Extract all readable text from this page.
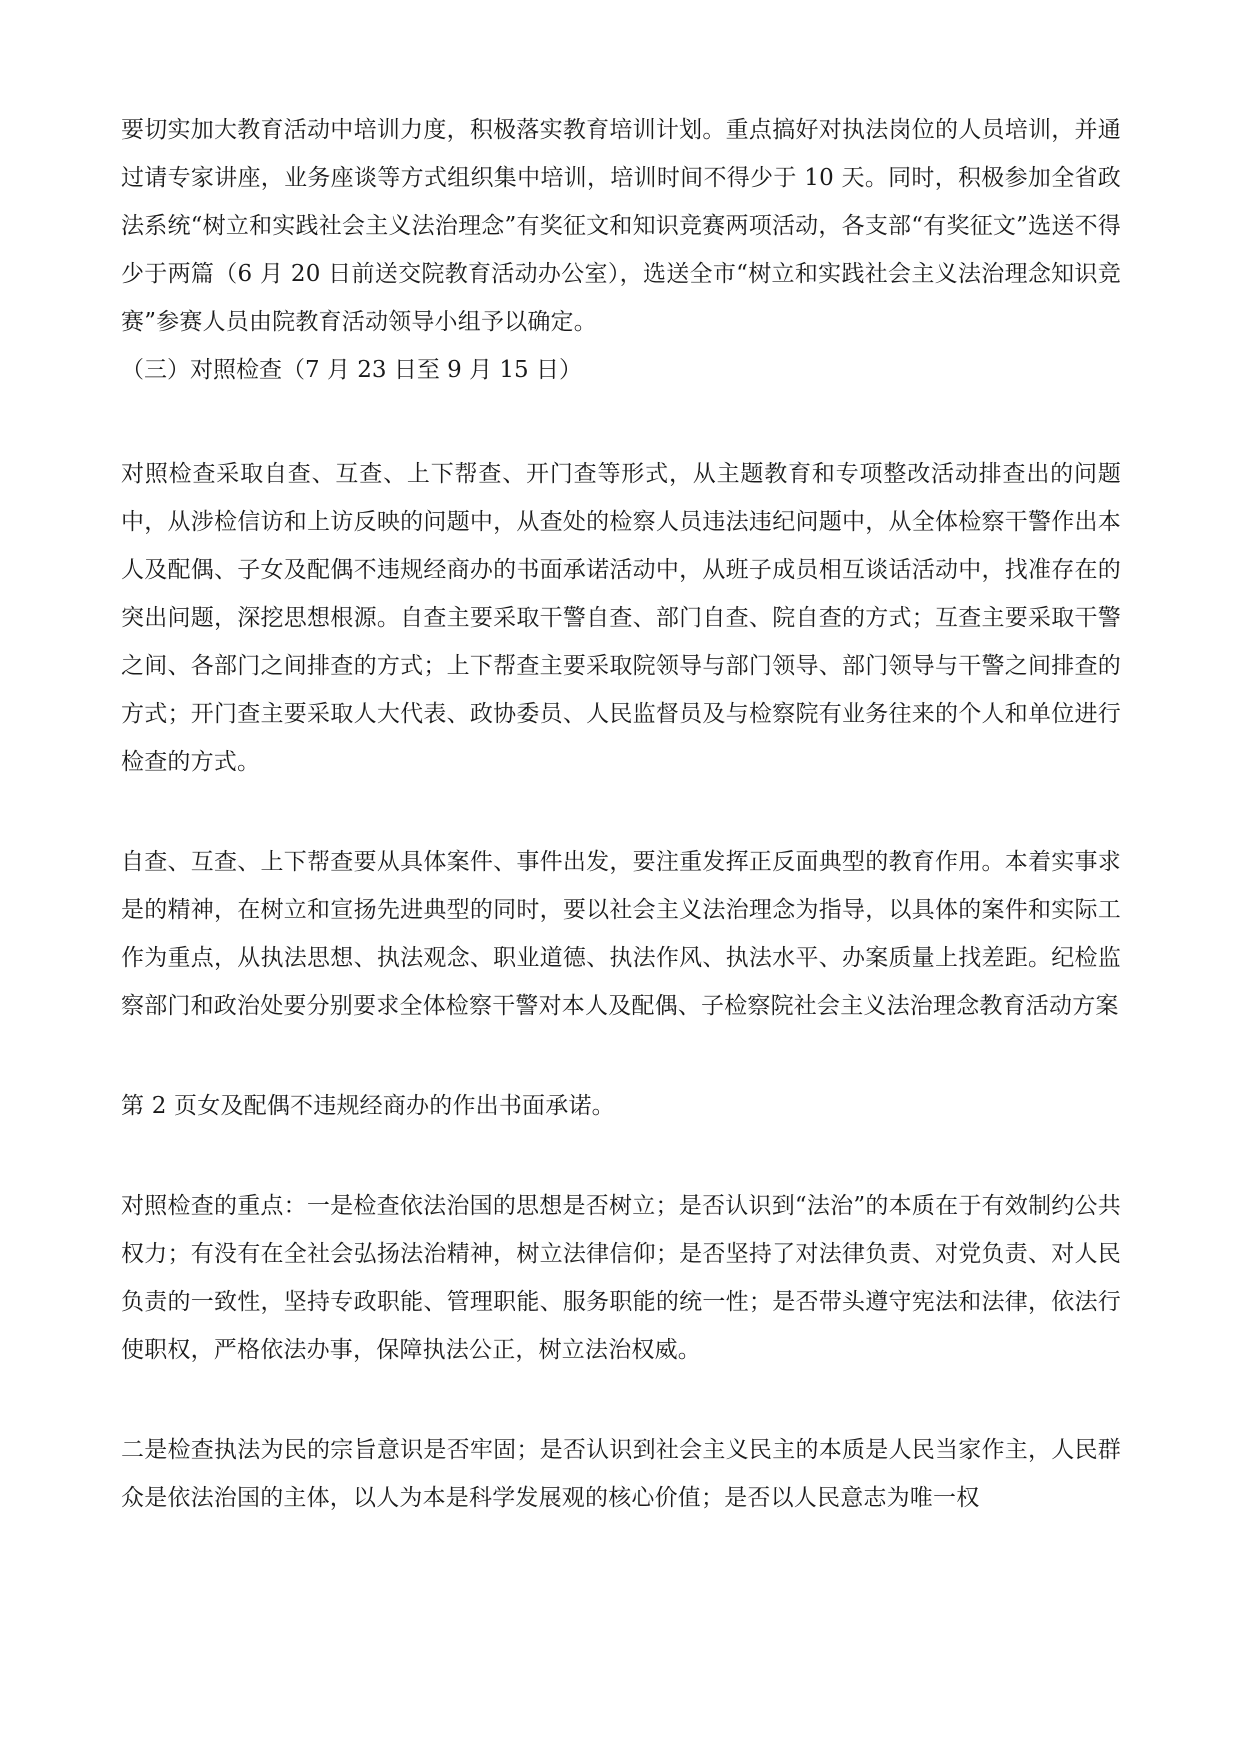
要切实加大教育活动中培训力度，积极落实教育培训计划。重点搞好对执法岗位的人员培训，并通过请专家讲座，业务座谈等方式组织集中培训，培训时间不得少于 10 天。同时，积极参加全省政法系统“树立和实践社会主义法治理念”有奖征文和知识竞赛两项活动，各支部“有奖征文”选送不得少于两篇（6 月 20 日前送交院教育活动办公室），选送全市“树立和实践社会主义法治理念知识竞赛”参赛人员由院教育活动领导小组予以确定。

（三）对照检查（7 月 23 日至 9 月 15 日）

对照检查采取自查、互查、上下帮查、开门查等形式，从主题教育和专项整改活动排查出的问题中，从涉检信访和上访反映的问题中，从查处的检察人员违法违纪问题中，从全体检察干警作出本人及配偶、子女及配偶不违规经商办的书面承诺活动中，从班子成员相互谈话活动中，找准存在的突出问题，深挖思想根源。自查主要采取干警自查、部门自查、院自查的方式；互查主要采取干警之间、各部门之间排查的方式；上下帮查主要采取院领导与部门领导、部门领导与干警之间排查的方式；开门查主要采取人大代表、政协委员、人民监督员及与检察院有业务往来的个人和单位进行检查的方式。

自查、互查、上下帮查要从具体案件、事件出发，要注重发挥正反面典型的教育作用。本着实事求是的精神，在树立和宣扬先进典型的同时，要以社会主义法治理念为指导，以具体的案件和实际工作为重点，从执法思想、执法观念、职业道德、执法作风、执法水平、办案质量上找差距。纪检监察部门和政治处要分别要求全体检察干警对本人及配偶、子检察院社会主义法治理念教育活动方案

第 2 页女及配偶不违规经商办的作出书面承诺。

对照检查的重点：一是检查依法治国的思想是否树立；是否认识到“法治”的本质在于有效制约公共权力；有没有在全社会弘扬法治精神，树立法律信仰；是否坚持了对法律负责、对党负责、对人民负责的一致性，坚持专政职能、管理职能、服务职能的统一性；是否带头遵守宪法和法律，依法行使职权，严格依法办事，保障执法公正，树立法治权威。

二是检查执法为民的宗旨意识是否牢固；是否认识到社会主义民主的本质是人民当家作主，人民群众是依法治国的主体，以人为本是科学发展观的核心价值；是否以人民意志为唯一权
